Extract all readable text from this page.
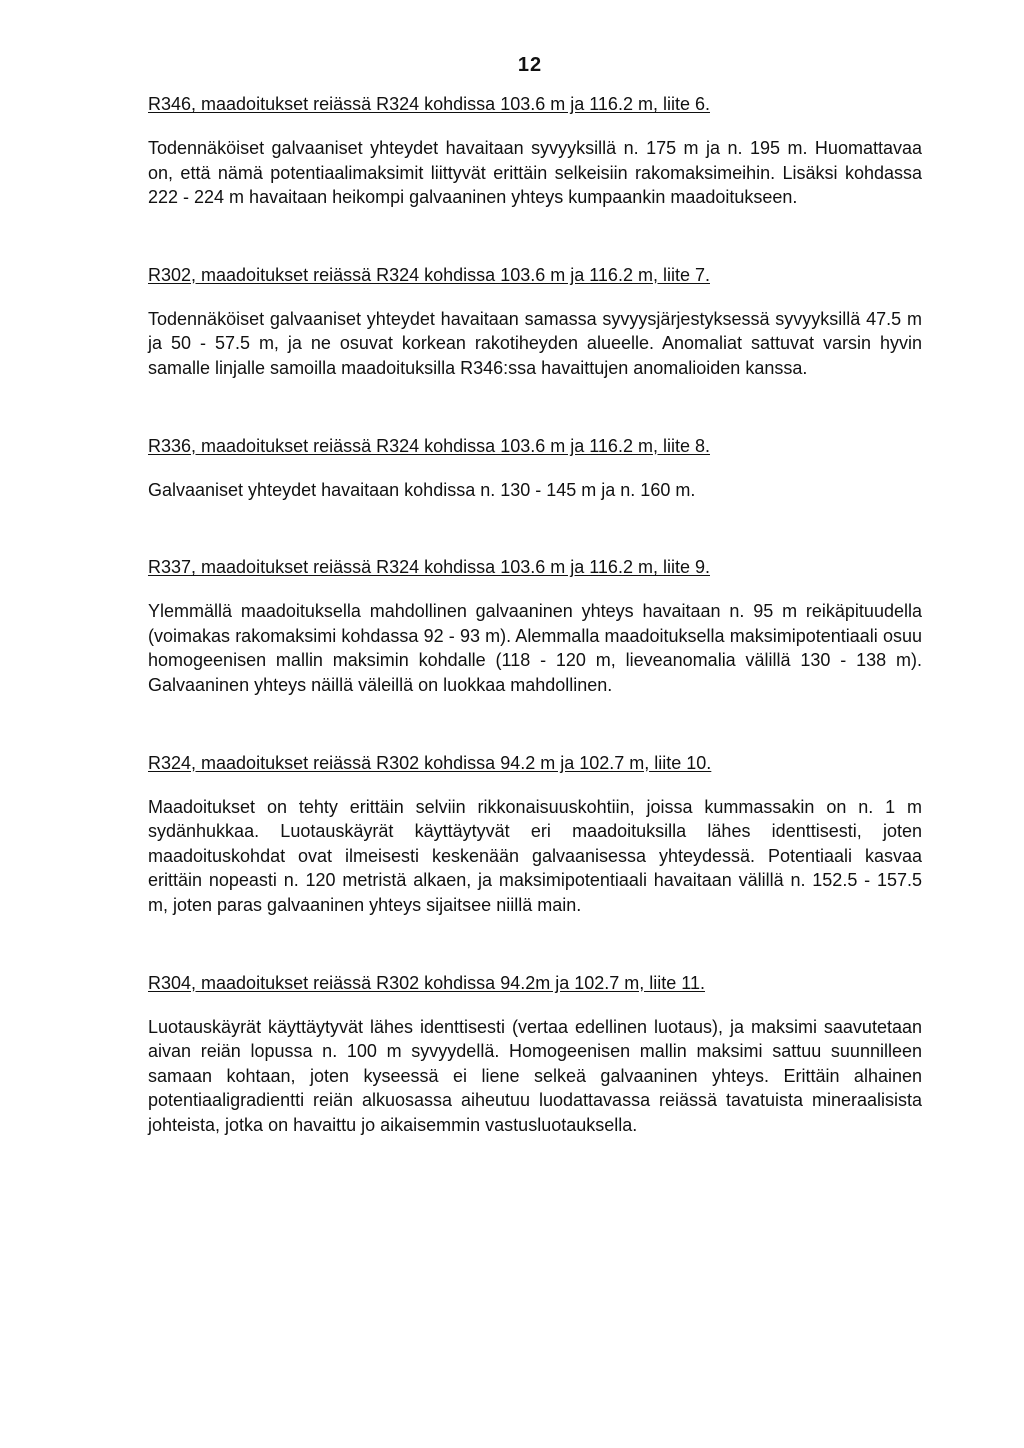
12
R346, maadoitukset reiässä R324 kohdissa 103.6 m ja 116.2 m, liite 6.

Todennäköiset galvaaniset yhteydet havaitaan syvyyksillä n. 175 m ja n. 195 m. Huomattavaa on, että nämä potentiaalimaksimit liittyvät erittäin selkeisiin rakomaksimeihin. Lisäksi kohdassa 222 - 224 m havaitaan heikompi galvaaninen yhteys kumpaankin maadoitukseen.

R302, maadoitukset reiässä R324 kohdissa 103.6 m ja 116.2 m, liite 7.

Todennäköiset galvaaniset yhteydet havaitaan samassa syvyysjärjestyksessä syvyyksillä 47.5 m ja 50 - 57.5 m, ja ne osuvat korkean rakotiheyden alueelle. Anomaliat sattuvat varsin hyvin samalle linjalle samoilla maadoituksilla R346:ssa havaittujen anomalioiden kanssa.

R336, maadoitukset reiässä R324 kohdissa 103.6 m ja 116.2 m, liite 8.

Galvaaniset yhteydet havaitaan kohdissa n. 130 - 145 m ja n. 160 m.

R337, maadoitukset reiässä R324 kohdissa 103.6 m ja 116.2 m, liite 9.

Ylemmällä maadoituksella mahdollinen galvaaninen yhteys havaitaan n. 95 m reikäpituudella (voimakas rakomaksimi kohdassa 92 - 93 m). Alemmalla maadoituksella maksimipotentiaali osuu homogeenisen mallin maksimin kohdalle (118 - 120 m, lieveanomalia välillä 130 - 138 m). Galvaaninen yhteys näillä väleillä on luokkaa mahdollinen.

R324, maadoitukset reiässä R302 kohdissa 94.2 m ja 102.7 m, liite 10.

Maadoitukset on tehty erittäin selviin rikkonaisuuskohtiin, joissa kummassakin on n. 1 m sydänhukkaa. Luotauskäyrät käyttäytyvät eri maadoituksilla lähes identtisesti, joten maadoituskohdat ovat ilmeisesti keskenään galvaanisessa yhteydessä. Potentiaali kasvaa erittäin nopeasti n. 120 metristä alkaen, ja maksimipotentiaali havaitaan välillä n. 152.5 - 157.5 m, joten paras galvaaninen yhteys sijaitsee niillä main.

R304, maadoitukset reiässä R302 kohdissa 94.2m ja 102.7 m, liite 11.

Luotauskäyrät käyttäytyvät lähes identtisesti (vertaa edellinen luotaus), ja maksimi saavutetaan aivan reiän lopussa n. 100 m syvyydellä. Homogeenisen mallin maksimi sattuu suunnilleen samaan kohtaan, joten kyseessä ei liene selkeä galvaaninen yhteys. Erittäin alhainen potentiaaligradientti reiän alkuosassa aiheutuu luodattavassa reiässä tavatuista mineraalisista johteista, jotka on havaittu jo aikaisemmin vastusluotauksella.
